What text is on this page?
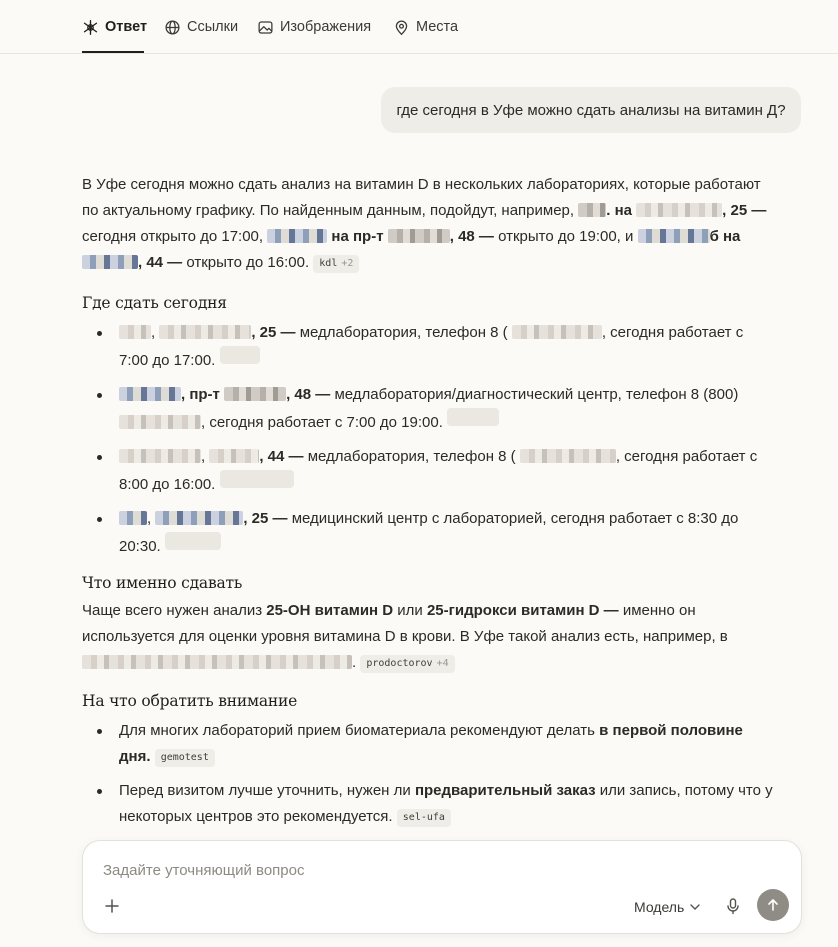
Ответ	Ссылки	Изображения	Места
где сегодня в Уфе можно сдать анализы на витамин Д?

В Уфе сегодня можно сдать анализ на витамин D в нескольких лабораториях, которые работают
по актуальному графику. По найденным данным, подойдут, например, . на	, 25 —
сегодня открыто до 17:00,	на пр-т	, 48 — открыто до 19:00, и	б на
, 44 — открыто до 16:00. kdl +2

Где сдать сегодня
,	, 25 — медлаборатория, телефон 8 (	, сегодня работает с
7:00 до 17:00.
, пр-т	, 48 — медлаборатория/диагностический центр, телефон 8 (800)
, сегодня работает с 7:00 до 19:00.
,	, 44 — медлаборатория, телефон 8 (	, сегодня работает с
8:00 до 16:00.
,	, 25 — медицинский центр с лабораторией, сегодня работает с 8:30 до
20:30.
Что именно сдавать

Чаще всего нужен анализ 25-OH витамин D или 25-гидрокси витамин D — именно он
используется для оценки уровня витамина D в крови. В Уфе такой анализ есть, например, в
. prodoctorov +4

На что обратить внимание
Для многих лабораторий прием биоматериала рекомендуют делать в первой половине
дня. gemotest
Перед визитом лучше уточнить, нужен ли предварительный заказ или запись, потому что у
некоторых центров это рекомендуется. sel-ufa
Задайте уточняющий вопрос
Модель
